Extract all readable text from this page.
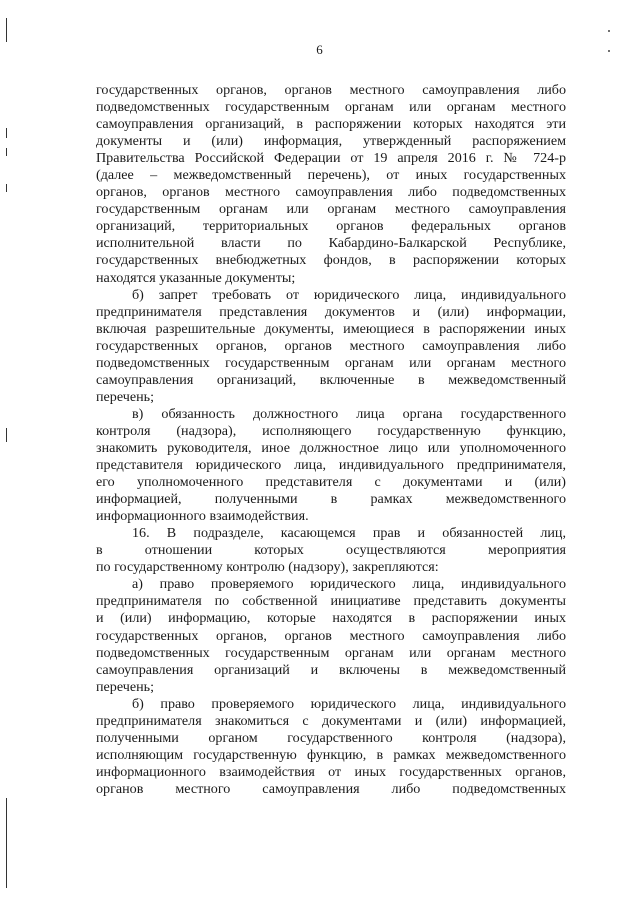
6
государственных органов, органов местного самоуправления либо
подведомственных государственным органам или органам местного
самоуправления организаций, в распоряжении которых находятся эти
документы и (или) информация, утвержденный распоряжением
Правительства Российской Федерации от 19 апреля 2016 г. № 724-р
(далее – межведомственный перечень), от иных государственных
органов, органов местного самоуправления либо подведомственных
государственным органам или органам местного самоуправления
организаций, территориальных органов федеральных органов
исполнительной власти по Кабардино-Балкарской Республике,
государственных внебюджетных фондов, в распоряжении которых
находятся указанные документы;
б) запрет требовать от юридического лица, индивидуального
предпринимателя представления документов и (или) информации,
включая разрешительные документы, имеющиеся в распоряжении иных
государственных органов, органов местного самоуправления либо
подведомственных государственным органам или органам местного
самоуправления организаций, включенные в межведомственный
перечень;
в) обязанность должностного лица органа государственного
контроля (надзора), исполняющего государственную функцию,
знакомить руководителя, иное должностное лицо или уполномоченного
представителя юридического лица, индивидуального предпринимателя,
его уполномоченного представителя с документами и (или)
информацией, полученными в рамках межведомственного
информационного взаимодействия.
16. В подразделе, касающемся прав и обязанностей лиц,
в отношении которых осуществляются мероприятия
по государственному контролю (надзору), закрепляются:
а) право проверяемого юридического лица, индивидуального
предпринимателя по собственной инициативе представить документы
и (или) информацию, которые находятся в распоряжении иных
государственных органов, органов местного самоуправления либо
подведомственных государственным органам или органам местного
самоуправления организаций и включены в межведомственный
перечень;
б) право проверяемого юридического лица, индивидуального
предпринимателя знакомиться с документами и (или) информацией,
полученными органом государственного контроля (надзора),
исполняющим государственную функцию, в рамках межведомственного
информационного взаимодействия от иных государственных органов,
органов местного самоуправления либо подведомственных
